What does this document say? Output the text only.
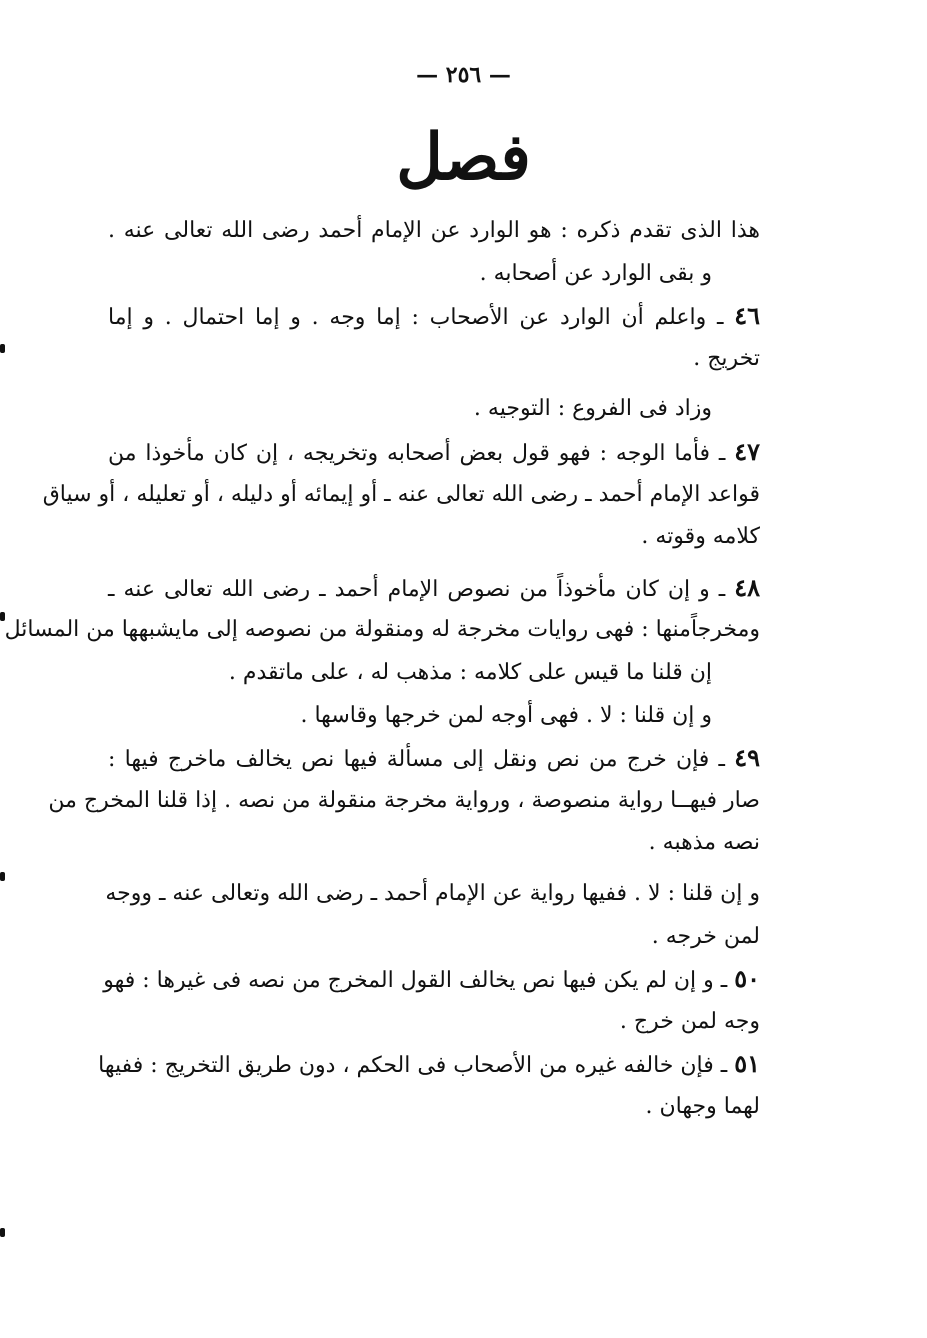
— ٢٥٦ —
فصل
هذا الذى تقدم ذكره : هو الوارد عن الإمام أحمد رضى الله تعالى عنه .
و بقى الوارد عن أصحابه .
٤٦ ـ واعلم أن الوارد عن الأصحاب : إما وجه . و إما احتمال . و إما
تخريج .
وزاد فى الفروع : التوجيه .
٤٧ ـ فأما الوجه : فهو قول بعض أصحابه وتخريجه ، إن كان مأخوذا من
قواعد الإمام أحمد ـ رضى الله تعالى عنه ـ أو إيمائه أو دليله ، أو تعليله ، أو سياق
كلامه وقوته .
٤٨ ـ و إن كان مأخوذاً من نصوص الإمام أحمد ـ رضى الله تعالى عنه ـ
ومخرجاًمنها : فهى روايات مخرجة له ومنقولة من نصوصه إلى مايشبهها من المسائل
إن قلنا ما قيس على كلامه : مذهب له ، على ماتقدم .
و إن قلنا : لا . فهى أوجه لمن خرجها وقاسها .
٤٩ ـ فإن خرج من نص ونقل إلى مسألة فيها نص يخالف ماخرج فيها :
صار فيهــا رواية منصوصة ، ورواية مخرجة منقولة من نصه . إذا قلنا المخرج من
نصه مذهبه .
و إن قلنا : لا . ففيها رواية عن الإمام أحمد ـ رضى الله وتعالى عنه ـ ووجه
لمن خرجه .
٥٠ ـ و إن لم يكن فيها نص يخالف القول المخرج من نصه فى غيرها : فهو
وجه لمن خرج .
٥١ ـ فإن خالفه غيره من الأصحاب فى الحكم ، دون طريق التخريج : ففيها
لهما وجهان .
